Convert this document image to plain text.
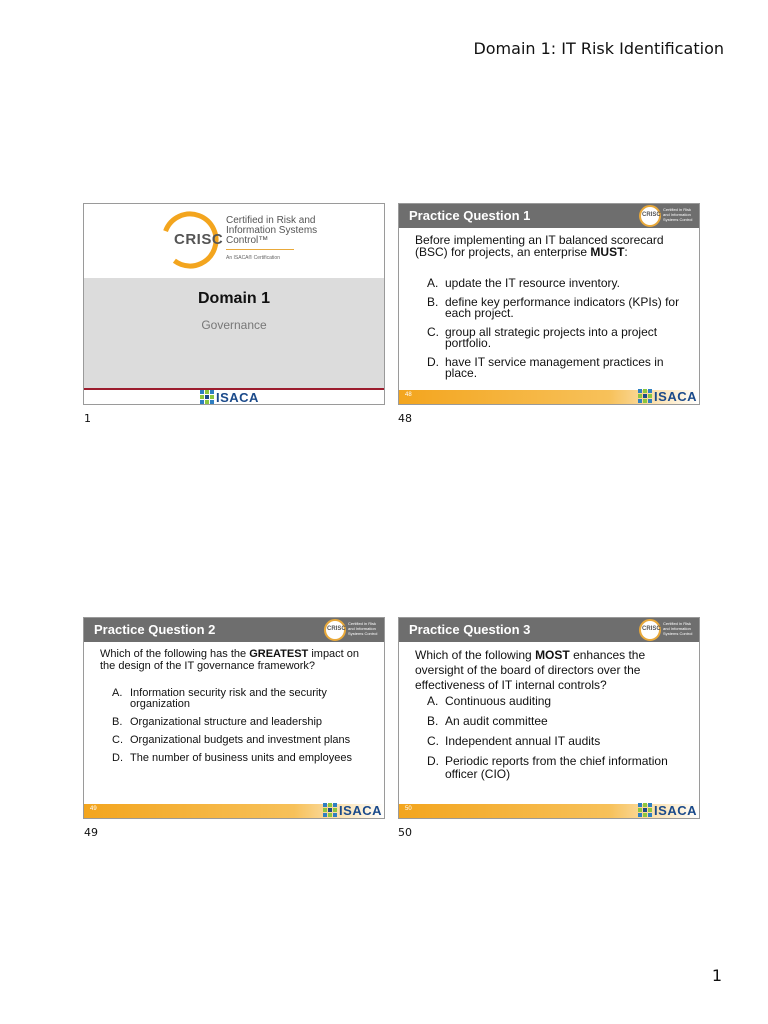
Domain 1: IT Risk Identification
CRISC
Certified in Risk and Information Systems Control™
An ISACA® Certification
Domain 1
Governance
ISACA
1
Practice Question 1	CRISC
Certified in Risk and Information Systems Control
Before implementing an IT balanced scorecard (BSC) for projects, an enterprise MUST:
A. update the IT resource inventory.
B. define key performance indicators (KPIs) for each project.
C. group all strategic projects into a project portfolio.
D. have IT service management practices in place.
48	ISACA
48
Practice Question 2	CRISC
Certified in Risk and Information Systems Control
Which of the following has the GREATEST impact on the design of the IT governance framework?
A. Information security risk and the security organization
B. Organizational structure and leadership
C. Organizational budgets and investment plans
D. The number of business units and employees
49	ISACA
49
Practice Question 3	CRISC
Certified in Risk and Information Systems Control
Which of the following MOST enhances the oversight of the board of directors over the effectiveness of IT internal controls?
A. Continuous auditing
B. An audit committee
C. Independent annual IT audits
D. Periodic reports from the chief information officer (CIO)
50	ISACA
50
1
